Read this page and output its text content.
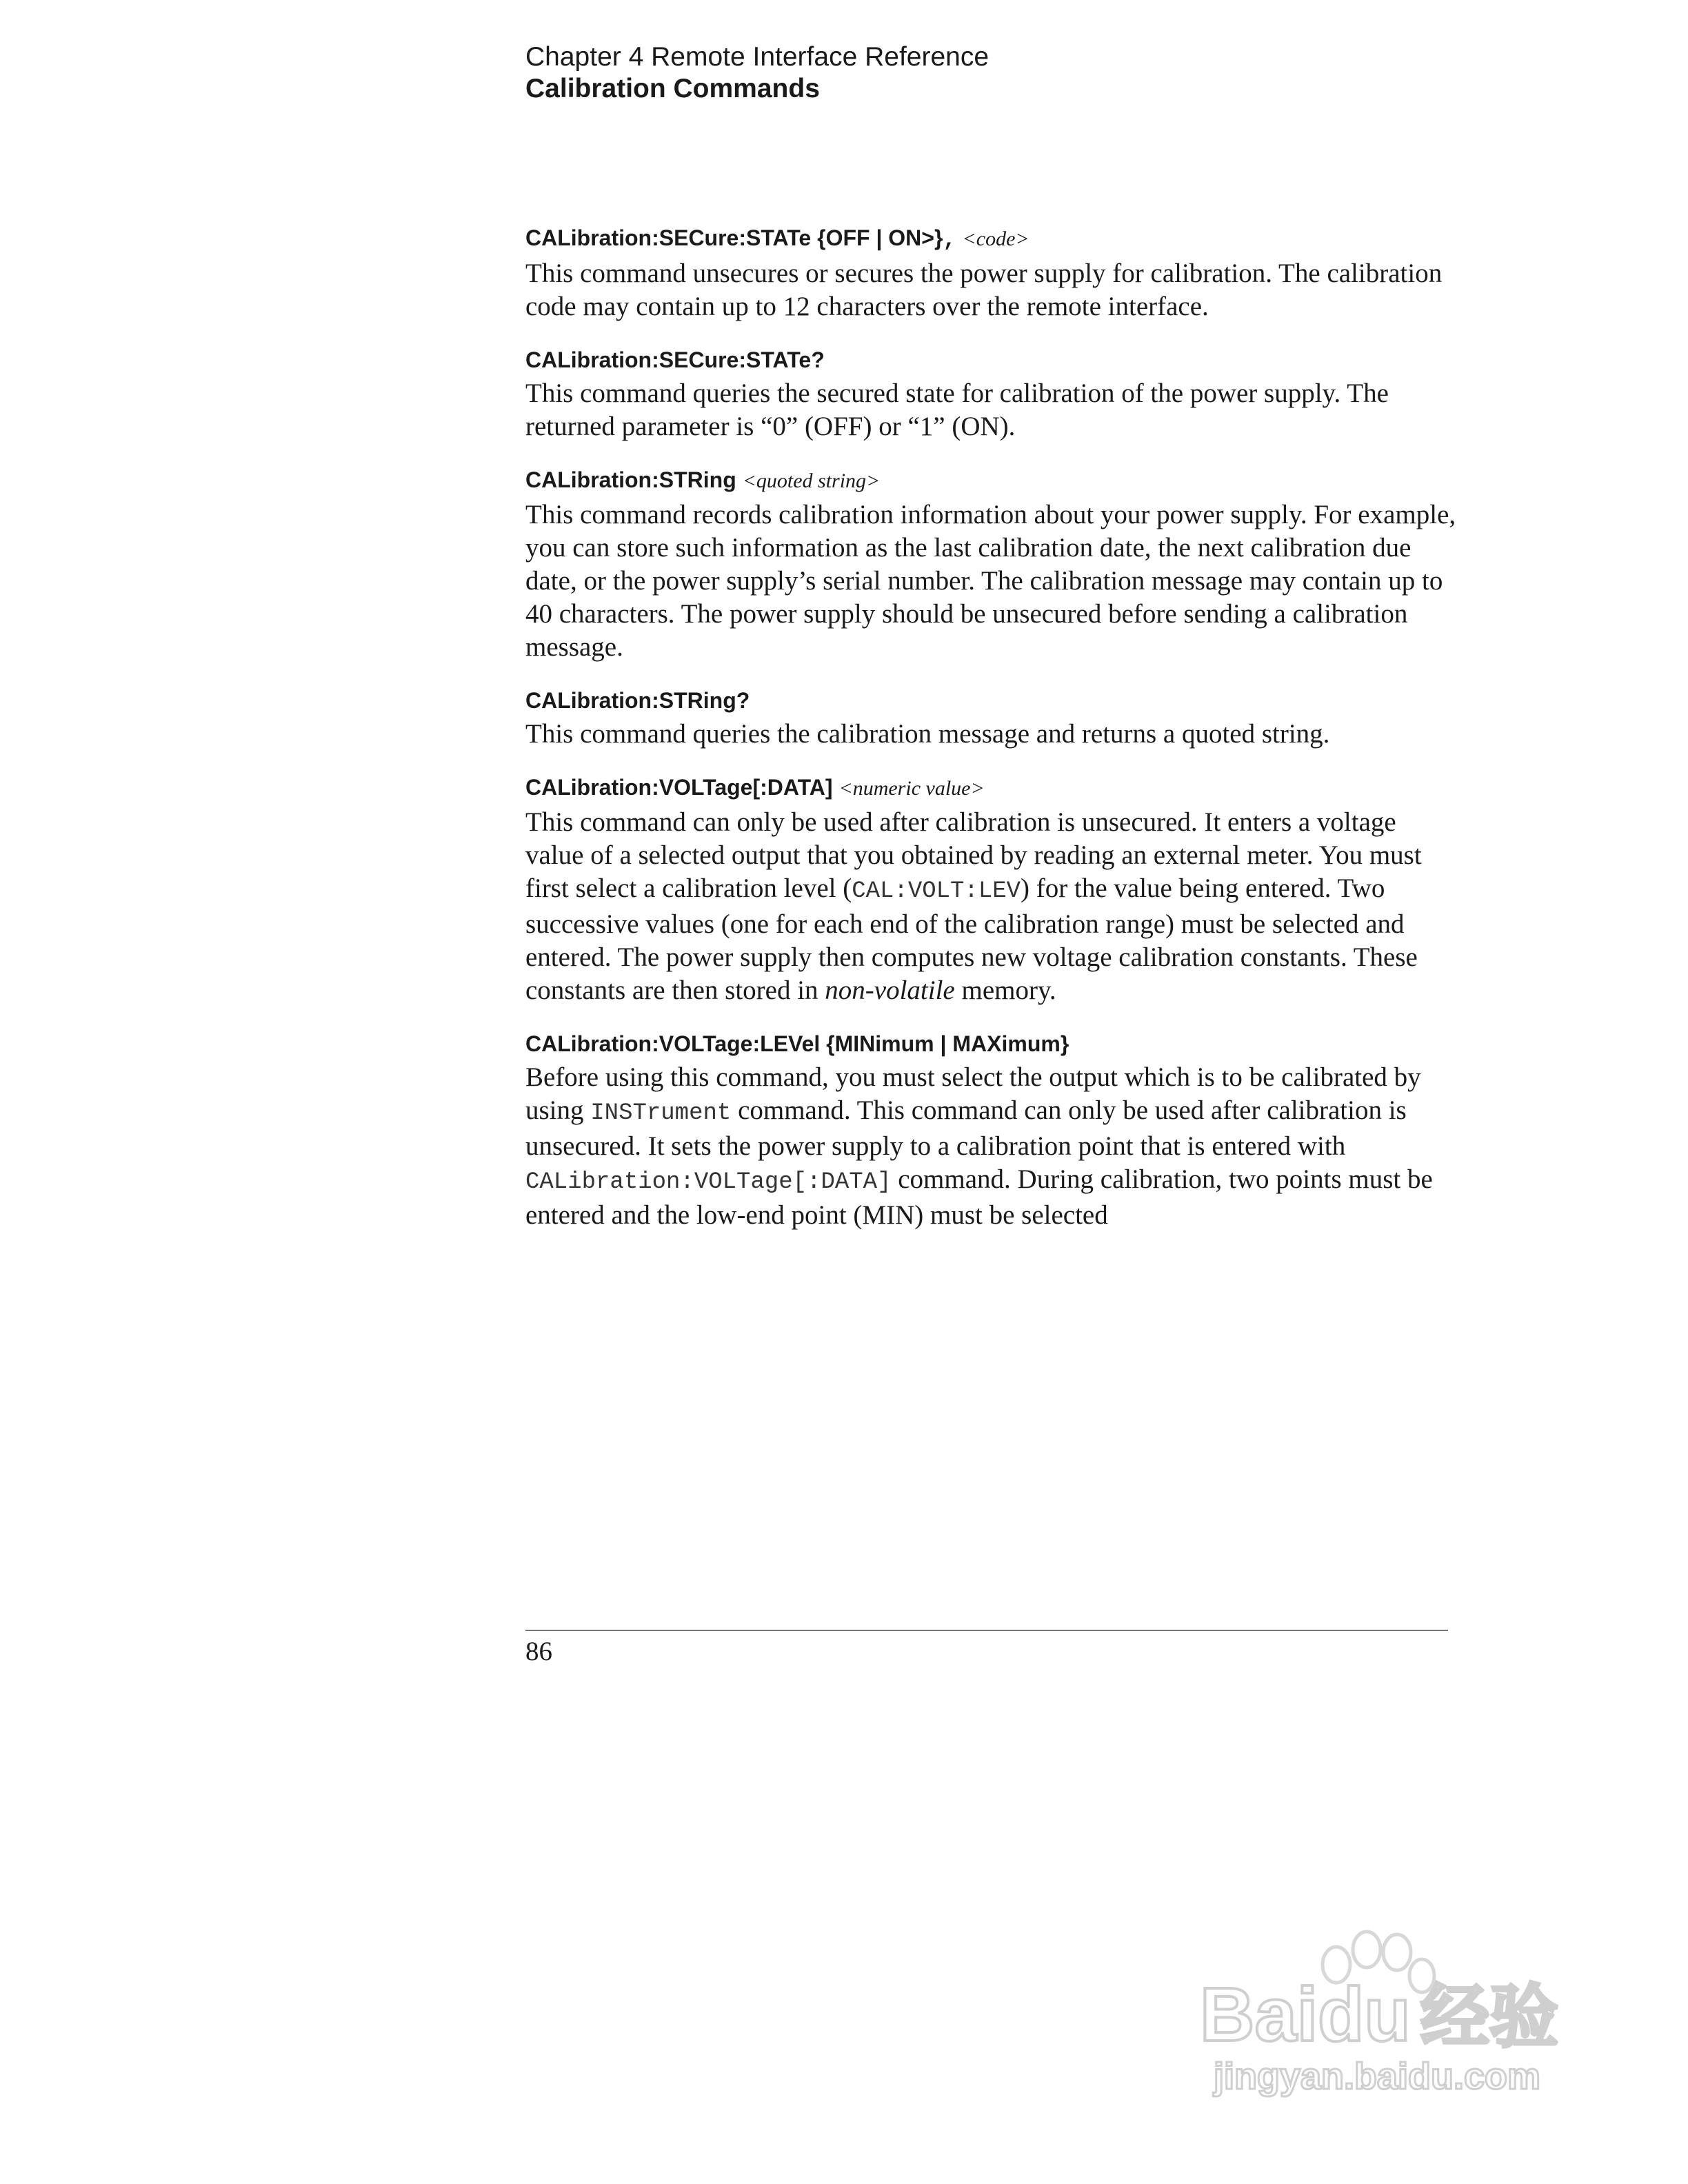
Chapter 4 Remote Interface Reference
Calibration Commands
CALibration:SECure:STATe {OFF | ON>}, <code>

This command unsecures or secures the power supply for calibration. The calibration code may contain up to 12 characters over the remote interface.

CALibration:SECure:STATe?

This command queries the secured state for calibration of the power supply. The returned parameter is “0” (OFF) or “1” (ON).

CALibration:STRing <quoted string>

This command records calibration information about your power supply. For example, you can store such information as the last calibration date, the next calibration due date, or the power supply’s serial number. The calibration message may contain up to 40 characters. The power supply should be unsecured before sending a calibration message.

CALibration:STRing?

This command queries the calibration message and returns a quoted string.

CALibration:VOLTage[:DATA] <numeric value>

This command can only be used after calibration is unsecured. It enters a voltage value of a selected output that you obtained by reading an external meter. You must first select a calibration level (CAL:VOLT:LEV) for the value being entered. Two successive values (one for each end of the calibration range) must be selected and entered. The power supply then computes new voltage calibration constants. These constants are then stored in non-volatile memory.

CALibration:VOLTage:LEVel {MINimum | MAXimum}

Before using this command, you must select the output which is to be calibrated by using INSTrument command. This command can only be used after calibration is unsecured. It sets the power supply to a calibration point that is entered with CALibration:VOLTage[:DATA] command. During calibration, two points must be entered and the low-end point (MIN) must be selected

86
Baidu 经验
jingyan.baidu.com
